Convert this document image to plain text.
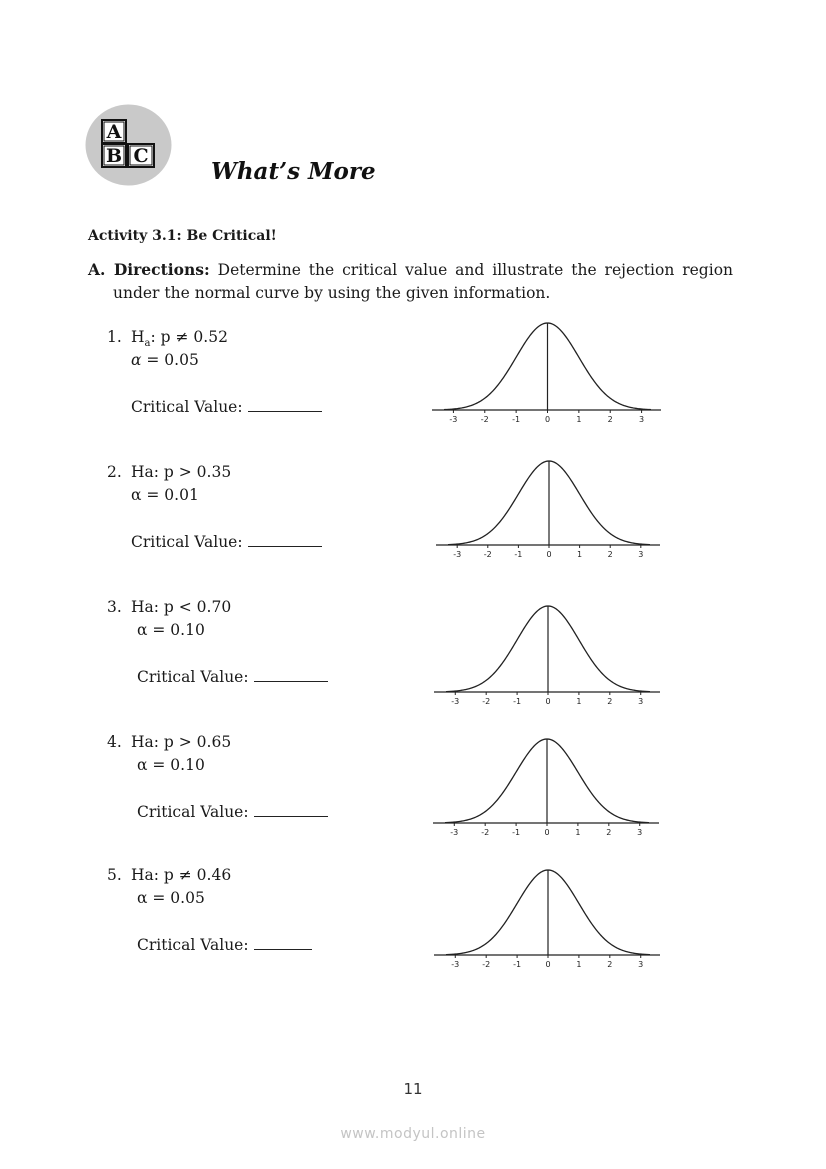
A
B C
What’s More
Activity 3.1: Be Critical!
A. Directions: Determine the critical value and illustrate the rejection region
under the normal curve by using the given information.
1. $H_a$: p ≠ 0.52
α = 0.05
Critical Value:
2. Ha: p > 0.35
α = 0.01
Critical Value:
3. Ha: p < 0.70
α = 0.10
Critical Value:
4. Ha: p > 0.65
α = 0.10
Critical Value:
5. Ha: p ≠ 0.46
α = 0.05
Critical Value:
-3	-2	-1	0	1	2	3
-3	-2	-1	0	1	2	3
-3	-2	-1	0	1	2	3
-3	-2	-1	0	1	2	3
-3	-2	-1	0	1	2	3
11
www.modyul.online
